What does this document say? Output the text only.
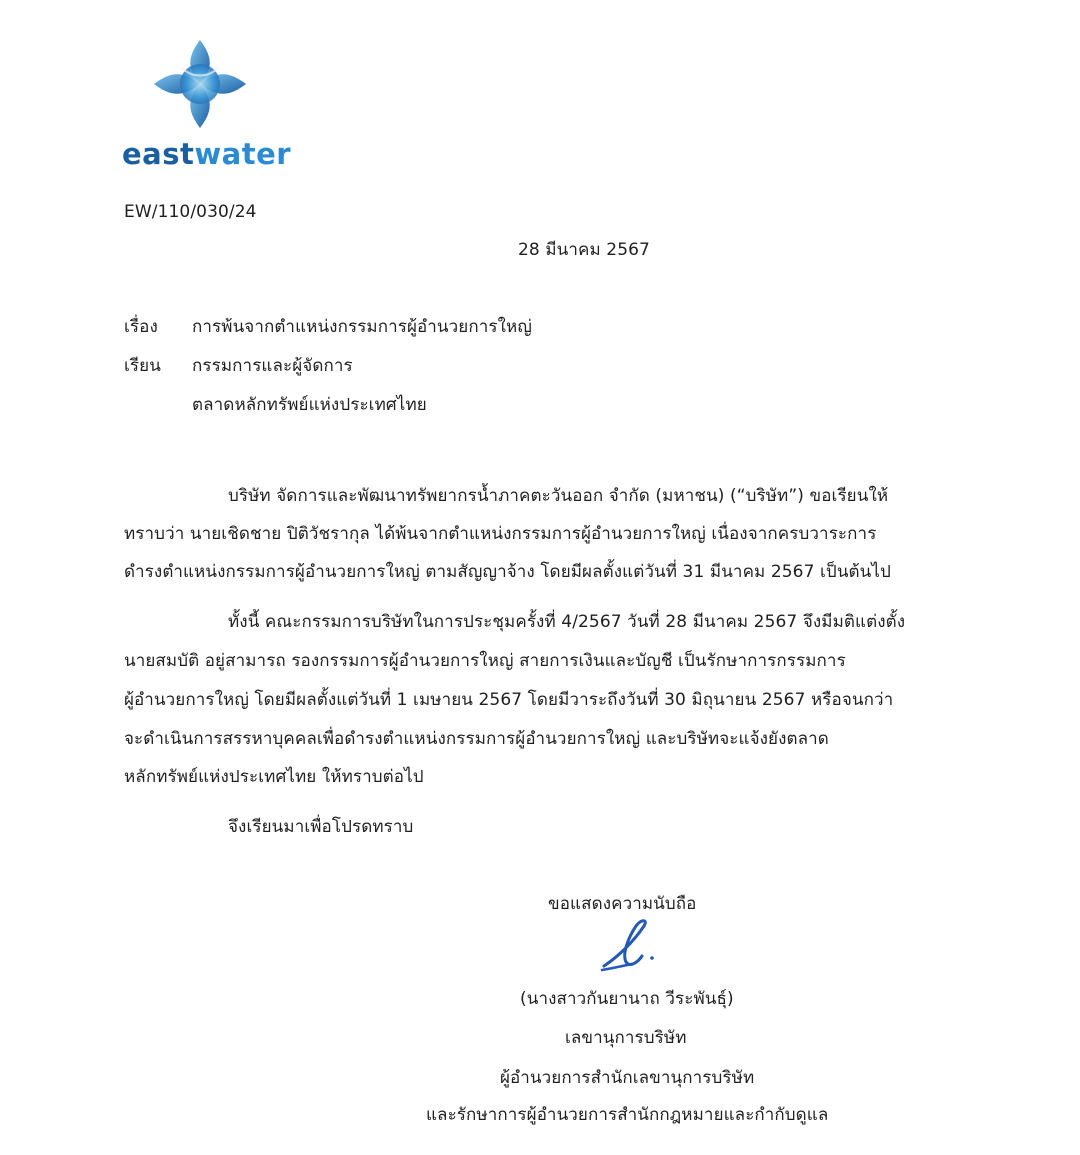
eastwater
EW/110/030/24
28 มีนาคม 2567
เรื่อง การพ้นจากตำแหน่งกรรมการผู้อำนวยการใหญ่
เรียน กรรมการและผู้จัดการ
ตลาดหลักทรัพย์แห่งประเทศไทย
บริษัท จัดการและพัฒนาทรัพยากรน้ำภาคตะวันออก จำกัด (มหาชน) (“บริษัท”) ขอเรียนให้
ทราบว่า นายเชิดชาย ปิติวัชรากุล ได้พ้นจากตำแหน่งกรรมการผู้อำนวยการใหญ่ เนื่องจากครบวาระการ
ดำรงตำแหน่งกรรมการผู้อำนวยการใหญ่ ตามสัญญาจ้าง โดยมีผลตั้งแต่วันที่ 31 มีนาคม 2567 เป็นต้นไป
ทั้งนี้ คณะกรรมการบริษัทในการประชุมครั้งที่ 4/2567 วันที่ 28 มีนาคม 2567 จึงมีมติแต่งตั้ง
นายสมบัติ อยู่สามารถ รองกรรมการผู้อำนวยการใหญ่ สายการเงินและบัญชี เป็นรักษาการกรรมการ
ผู้อำนวยการใหญ่ โดยมีผลตั้งแต่วันที่ 1 เมษายน 2567 โดยมีวาระถึงวันที่ 30 มิถุนายน 2567 หรือจนกว่า
จะดำเนินการสรรหาบุคคลเพื่อดำรงตำแหน่งกรรมการผู้อำนวยการใหญ่ และบริษัทจะแจ้งยังตลาด
หลักทรัพย์แห่งประเทศไทย ให้ทราบต่อไป
จึงเรียนมาเพื่อโปรดทราบ
ขอแสดงความนับถือ
(นางสาวกันยานาถ วีระพันธุ์)
เลขานุการบริษัท
ผู้อำนวยการสำนักเลขานุการบริษัท
และรักษาการผู้อำนวยการสำนักกฎหมายและกำกับดูแล
